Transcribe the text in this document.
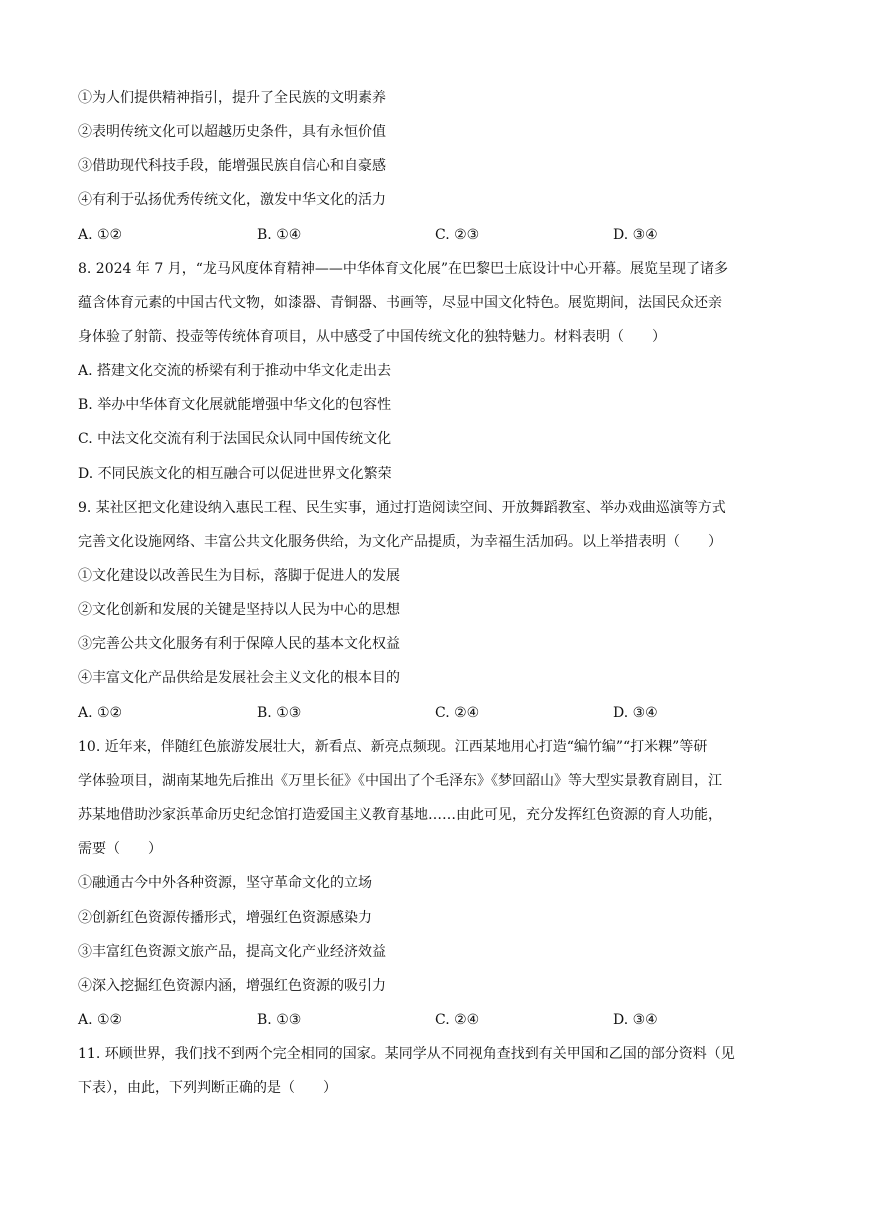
①为人们提供精神指引，提升了全民族的文明素养
②表明传统文化可以超越历史条件，具有永恒价值
③借助现代科技手段，能增强民族自信心和自豪感
④有利于弘扬优秀传统文化，激发中华文化的活力
A. ①②	B. ①④	C. ②③	D. ③④
8. 2024 年 7 月，“龙马风度体育精神——中华体育文化展”在巴黎巴士底设计中心开幕。展览呈现了诸多
蕴含体育元素的中国古代文物，如漆器、青铜器、书画等，尽显中国文化特色。展览期间，法国民众还亲
身体验了射箭、投壶等传统体育项目，从中感受了中国传统文化的独特魅力。材料表明（　　）
A. 搭建文化交流的桥梁有利于推动中华文化走出去
B. 举办中华体育文化展就能增强中华文化的包容性
C. 中法文化交流有利于法国民众认同中国传统文化
D. 不同民族文化的相互融合可以促进世界文化繁荣
9. 某社区把文化建设纳入惠民工程、民生实事，通过打造阅读空间、开放舞蹈教室、举办戏曲巡演等方式
完善文化设施网络、丰富公共文化服务供给，为文化产品提质，为幸福生活加码。以上举措表明（　　）
①文化建设以改善民生为目标，落脚于促进人的发展
②文化创新和发展的关键是坚持以人民为中心的思想
③完善公共文化服务有利于保障人民的基本文化权益
④丰富文化产品供给是发展社会主义文化的根本目的
A. ①②	B. ①③	C. ②④	D. ③④
10. 近年来，伴随红色旅游发展壮大，新看点、新亮点频现。江西某地用心打造“编竹编”“打米粿”等研
学体验项目，湖南某地先后推出《万里长征》《中国出了个毛泽东》《梦回韶山》等大型实景教育剧目，江
苏某地借助沙家浜革命历史纪念馆打造爱国主义教育基地……由此可见，充分发挥红色资源的育人功能，
需要（　　）
①融通古今中外各种资源，坚守革命文化的立场
②创新红色资源传播形式，增强红色资源感染力
③丰富红色资源文旅产品，提高文化产业经济效益
④深入挖掘红色资源内涵，增强红色资源的吸引力
A. ①②	B. ①③	C. ②④	D. ③④
11. 环顾世界，我们找不到两个完全相同的国家。某同学从不同视角查找到有关甲国和乙国的部分资料（见
下表），由此，下列判断正确的是（　　）
